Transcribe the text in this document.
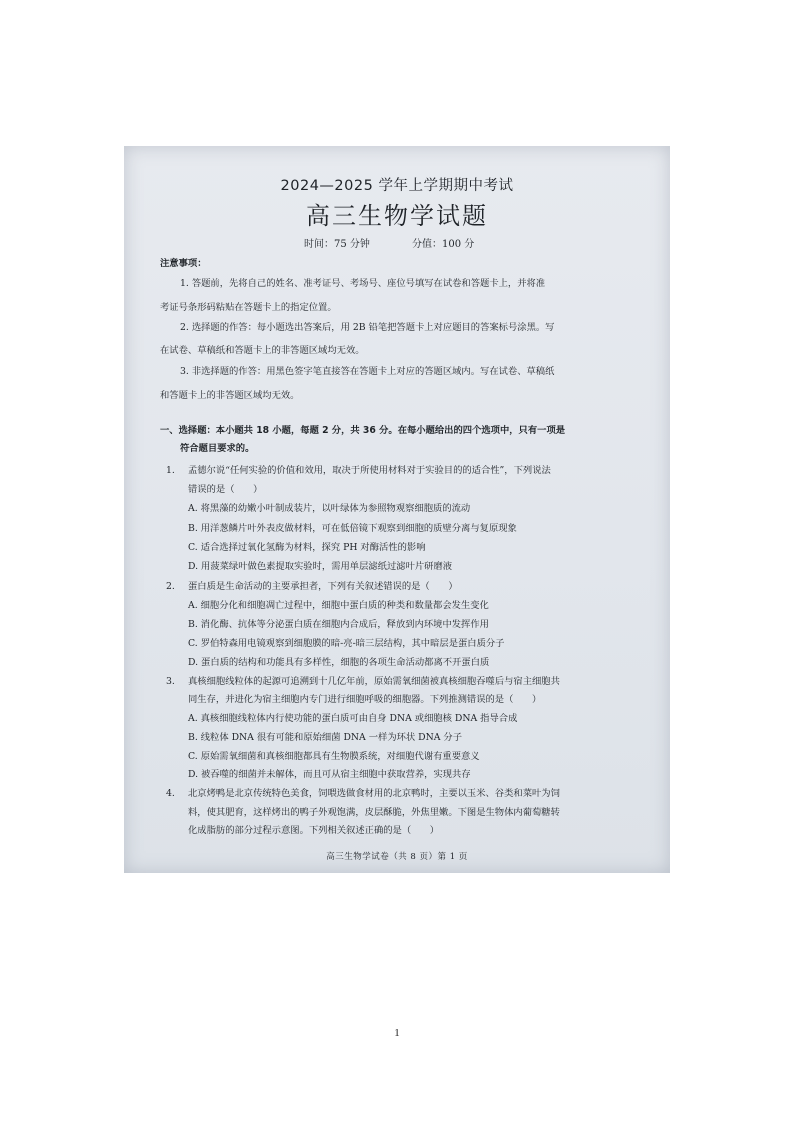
2024—2025 学年上学期期中考试
高三生物学试题
时间：75 分钟	分值：100 分
注意事项：
1. 答题前，先将自己的姓名、准考证号、考场号、座位号填写在试卷和答题卡上，并将准
考证号条形码粘贴在答题卡上的指定位置。
2. 选择题的作答：每小题选出答案后，用 2B 铅笔把答题卡上对应题目的答案标号涂黑。写
在试卷、草稿纸和答题卡上的非答题区域均无效。
3. 非选择题的作答：用黑色签字笔直接答在答题卡上对应的答题区域内。写在试卷、草稿纸
和答题卡上的非答题区域均无效。
一、选择题：本小题共 18 小题，每题 2 分，共 36 分。在每小题给出的四个选项中，只有一项是
符合题目要求的。
1. 孟德尔说“任何实验的价值和效用，取决于所使用材料对于实验目的的适合性”，下列说法
错误的是（　　）
A. 将黑藻的幼嫩小叶制成装片，以叶绿体为参照物观察细胞质的流动
B. 用洋葱鳞片叶外表皮做材料，可在低倍镜下观察到细胞的质壁分离与复原现象
C. 适合选择过氧化氢酶为材料，探究 PH 对酶活性的影响
D. 用菠菜绿叶做色素提取实验时，需用单层滤纸过滤叶片研磨液
2. 蛋白质是生命活动的主要承担者，下列有关叙述错误的是（　　）
A. 细胞分化和细胞凋亡过程中，细胞中蛋白质的种类和数量都会发生变化
B. 消化酶、抗体等分泌蛋白质在细胞内合成后，释放到内环境中发挥作用
C. 罗伯特森用电镜观察到细胞膜的暗-亮-暗三层结构，其中暗层是蛋白质分子
D. 蛋白质的结构和功能具有多样性，细胞的各项生命活动都离不开蛋白质
3. 真核细胞线粒体的起源可追溯到十几亿年前，原始需氧细菌被真核细胞吞噬后与宿主细胞共
同生存，并进化为宿主细胞内专门进行细胞呼吸的细胞器。下列推测错误的是（　　）
A. 真核细胞线粒体内行使功能的蛋白质可由自身 DNA 或细胞核 DNA 指导合成
B. 线粒体 DNA 很有可能和原始细菌 DNA 一样为环状 DNA 分子
C. 原始需氧细菌和真核细胞都具有生物膜系统，对细胞代谢有重要意义
D. 被吞噬的细菌并未解体，而且可从宿主细胞中获取营养，实现共存
4. 北京烤鸭是北京传统特色美食，饲喂选做食材用的北京鸭时，主要以玉米、谷类和菜叶为饲
料，使其肥育，这样烤出的鸭子外观饱满，皮层酥脆，外焦里嫩。下图是生物体内葡萄糖转
化成脂肪的部分过程示意图。下列相关叙述正确的是（　　）
高三生物学试卷（共 8 页）第 1 页
1
